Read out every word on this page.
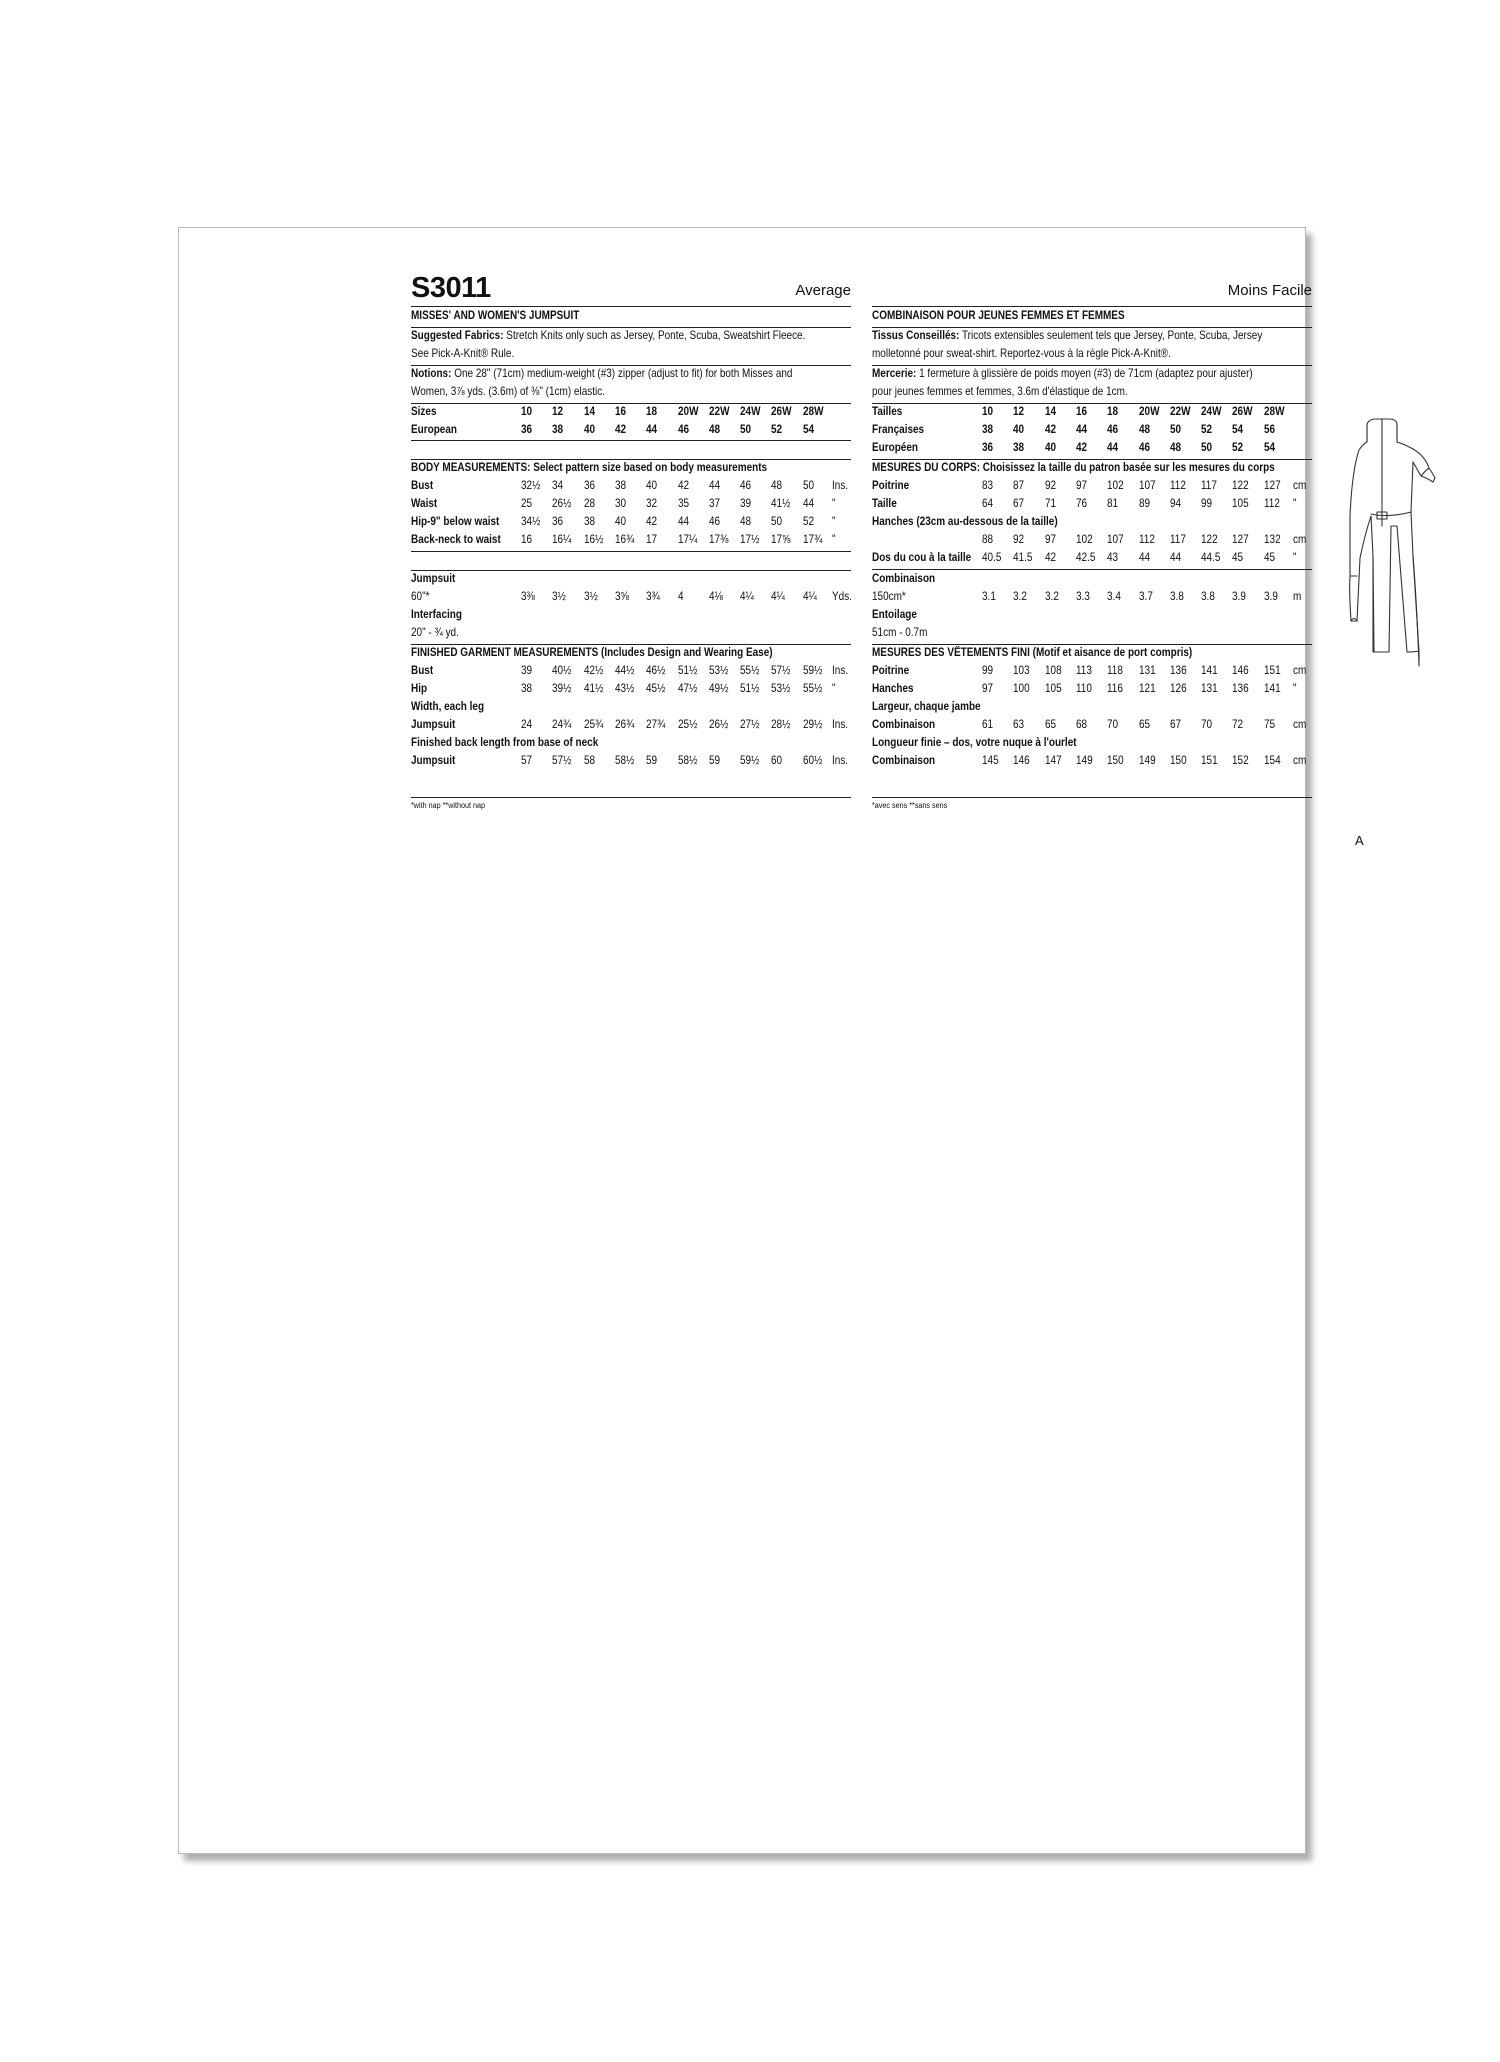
S3011	Average
MISSES' AND WOMEN'S JUMPSUIT
Suggested Fabrics: Stretch Knits only such as Jersey, Ponte, Scuba, Sweatshirt Fleece.
See Pick-A-Knit® Rule.
Notions: One 28" (71cm) medium-weight (#3) zipper (adjust to fit) for both Misses and
Women, 3⅞ yds. (3.6m) of ⅜" (1cm) elastic.
Sizes	10 12 14 16 18 20W 22W 24W 26W 28W
European	36 38 40 42 44 46 48 50 52 54
BODY MEASUREMENTS: Select pattern size based on body measurements
Bust	32½ 34 36 38 40 42 44 46 48 50 Ins.
Waist	25 26½ 28 30 32 35 37 39 41½ 44 "
Hip-9" below waist 34½ 36 38 40 42 44 46 48 50 52 "
Back-neck to waist 16 16¼ 16½ 16¾ 17 17¼ 17⅜ 17½ 17⅝ 17¾ "
Jumpsuit
60"*	3⅜ 3½ 3½ 3⅝ 3¾ 4 4⅛ 4¼ 4¼ 4¼ Yds.
Interfacing
20" - ¾ yd.
FINISHED GARMENT MEASUREMENTS (Includes Design and Wearing Ease)
Bust	39 40½ 42½ 44½ 46½ 51½ 53½ 55½ 57½ 59½ Ins.
Hip	38 39½ 41½ 43½ 45½ 47½ 49½ 51½ 53½ 55½ "
Width, each leg
Jumpsuit	24 24¾ 25¾ 26¾ 27¾ 25½ 26½ 27½ 28½ 29½ Ins.
Finished back length from base of neck
Jumpsuit	57 57½ 58 58½ 59 58½ 59 59½ 60 60½ Ins.
*with nap **without nap
Moins Facile
COMBINAISON POUR JEUNES FEMMES ET FEMMES
Tissus Conseillés: Tricots extensibles seulement tels que Jersey, Ponte, Scuba, Jersey
molletonné pour sweat-shirt. Reportez-vous à la règle Pick-A-Knit®.
Mercerie: 1 fermeture à glissière de poids moyen (#3) de 71cm (adaptez pour ajuster)
pour jeunes femmes et femmes, 3.6m d'élastique de 1cm.
Tailles	10 12 14 16 18 20W 22W 24W 26W 28W
Françaises	38 40 42 44 46 48 50 52 54 56
Européen	36 38 40 42 44 46 48 50 52 54
MESURES DU CORPS: Choisissez la taille du patron basée sur les mesures du corps
Poitrine	83 87 92 97 102 107 112 117 122 127 cm
Taille	64 67 71 76 81 89 94 99 105 112 "
Hanches (23cm au-dessous de la taille)
88 92 97 102 107 112 117 122 127 132 cm
Dos du cou à la taille 40.5 41.5 42 42.5 43 44 44 44.5 45 45 "
Combinaison
150cm*	3.1 3.2 3.2 3.3 3.4 3.7 3.8 3.8 3.9 3.9 m
Entoilage
51cm - 0.7m
MESURES DES VÊTEMENTS FINI (Motif et aisance de port compris)
Poitrine	99 103 108 113 118 131 136 141 146 151 cm
Hanches	97 100 105 110 116 121 126 131 136 141 "
Largeur, chaque jambe
Combinaison	61 63 65 68 70 65 67 70 72 75 cm
Longueur finie – dos, votre nuque à l'ourlet
Combinaison	145 146 147 149 150 149 150 151 152 154 cm
*avec sens **sans sens
A
